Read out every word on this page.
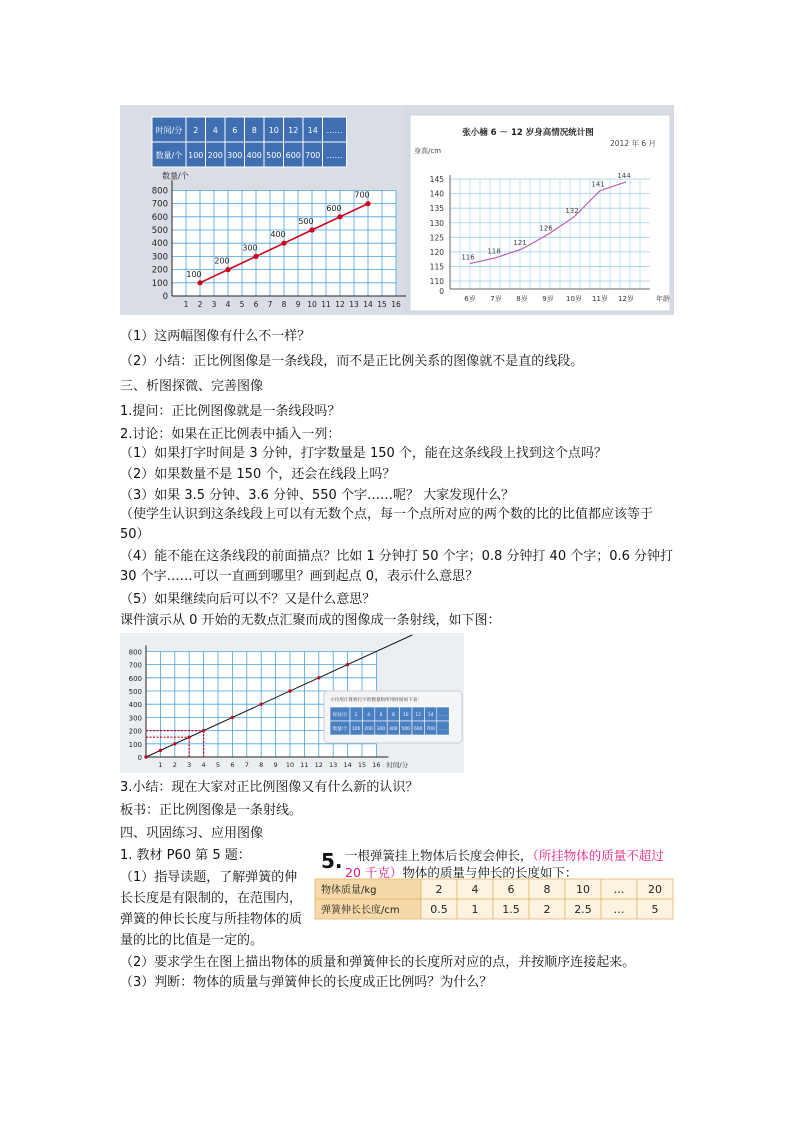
时间/分 2 4 6 8 10 12 14 ……
数量/个 100 200 300 400 500 600 700 ……
数量/个
800
700
600
500
400
300
200
100
0
1 2 3 4 5 6 7 8 9 10 11 12 13 14 15 16
100
200
300
400
500
600
700
张小楠 6 － 12 岁身高情况统计图
2012 年 6 月
身高/cm
145
140
135
130
125
120
115
110
0
6岁 7岁 8岁 9岁 10岁 11岁 12岁	年龄
116
118
121
126
132
141
144
（1）这两幅图像有什么不一样？
（2）小结：正比例图像是一条线段，而不是正比例关系的图像就不是直的线段。
三、析图探微、完善图像
1.提问：正比例图像就是一条线段吗？
2.讨论：如果在正比例表中插入一列：
（1）如果打字时间是 3 分钟，打字数量是 150 个，能在这条线段上找到这个点吗？
（2）如果数量不是 150 个，还会在线段上吗？
（3）如果 3.5 分钟、3.6 分钟、550 个字……呢？ 大家发现什么？
（使学生认识到这条线段上可以有无数个点，每一个点所对应的两个数的比的比值都应该等于 50）
（4）能不能在这条线段的前面描点？比如 1 分钟打 50 个字；0.8 分钟打 40 个字；0.6 分钟打 30 个字……可以一直画到哪里？画到起点 0，表示什么意思？
（5）如果继续向后可以不？又是什么意思？
课件演示从 0 开始的无数点汇聚而成的图像成一条射线，如下图：
800
700
600
500
400
300
200
100
0
1 2 3 4 5 6 7 8 9 10 11 12 13 14 15 16 时间/分
小玲用计算机打字的数量和所用时间如下表：
时间/分 2 4 6 8 10 12 14 ……
数量/个 100 200 300 400 500 600 700 ……
3.小结：现在大家对正比例图像又有什么新的认识？
板书：正比例图像是一条射线。
四、巩固练习、应用图像
1. 教材 P60 第 5 题：
（1）指导读题，了解弹簧的伸长长度是有限制的，在范围内，弹簧的伸长长度与所挂物体的质量的比的比值是一定的。
（2）要求学生在图上描出物体的质量和弹簧伸长的长度所对应的点，并按顺序连接起来。
（3）判断：物体的质量与弹簧伸长的长度成正比例吗？为什么？
5. 一根弹簧挂上物体后长度会伸长，（所挂物体的质量不超过
20 千克）物体的质量与伸长的长度如下：
物体质量/kg	2	4	6	8 10 … 20
弹簧伸长长度/cm	0.5 1 1.5 2 2.5 … 5
